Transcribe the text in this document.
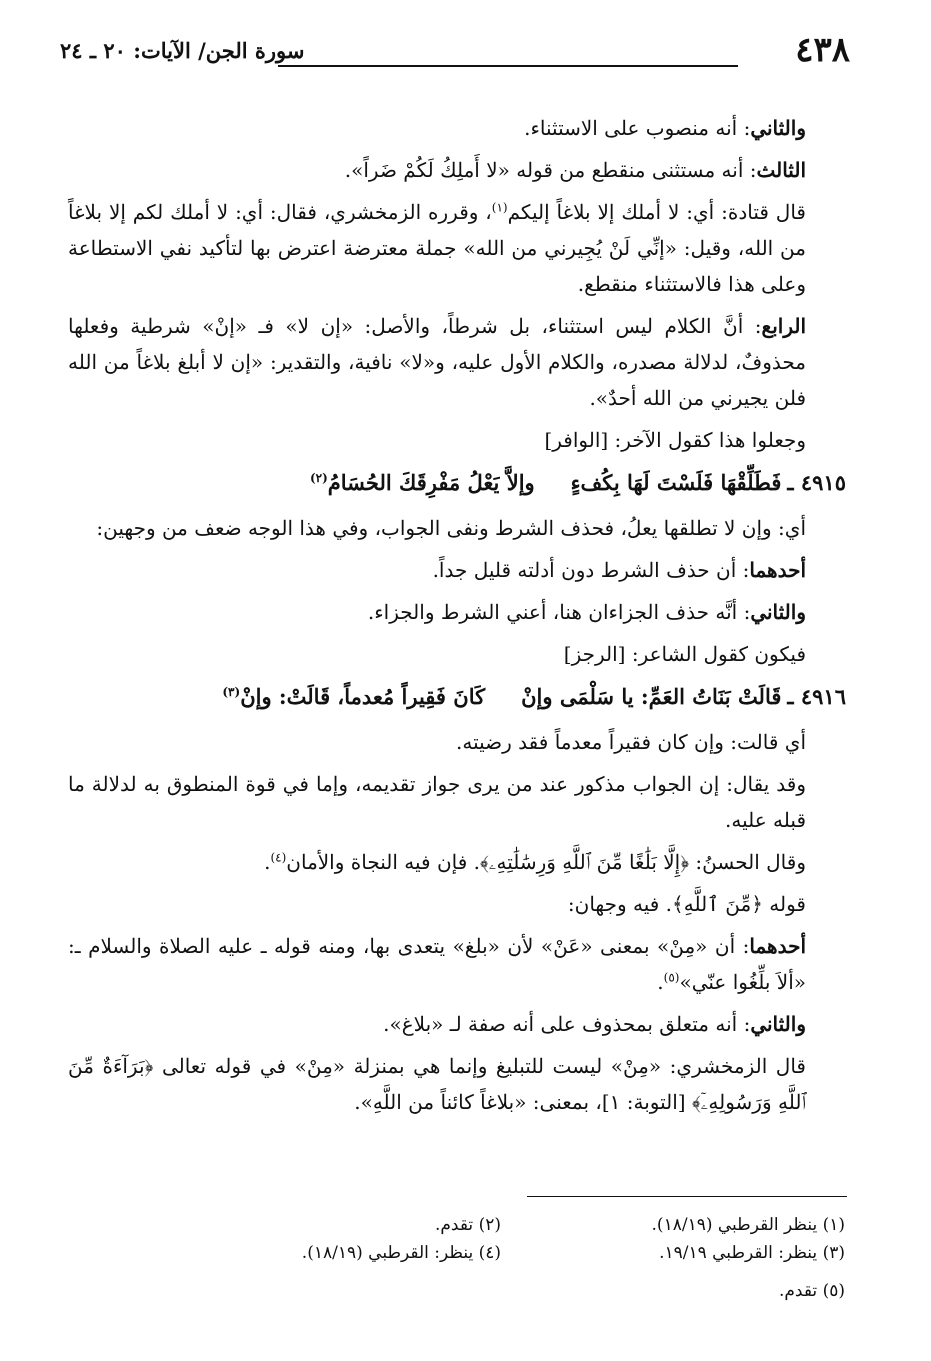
٤٣٨
سورة الجن/ الآيات: ٢٠ ـ ٢٤

والثاني: أنه منصوب على الاستثناء.

الثالث: أنه مستثنى منقطع من قوله «لا أَملِكُ لَكُمْ ضَراً».

قال قتادة: أي: لا أملك إلا بلاغاً إليكم$^{(١)}$، وقرره الزمخشري، فقال: أي: لا أملك لكم إلا بلاغاً من الله، وقيل: «إنِّي لَنْ يُجِيرني من الله» جملة معترضة اعترض بها لتأكيد نفي الاستطاعة وعلى هذا فالاستثناء منقطع.

الرابع: أنَّ الكلام ليس استثناء، بل شرطاً، والأصل: «إن لا» فـ «إنْ» شرطية وفعلها محذوفٌ، لدلالة مصدره، والكلام الأول عليه، و«لا» نافية، والتقدير: «إن لا أبلغ بلاغاً من الله فلن يجيرني من الله أحدٌ».

وجعلوا هذا كقول الآخر: [الوافر]

٤٩١٥ ـفَطَلِّقْهَا فَلَسْتَ لَهَا بِكُفءٍوإلاَّ يَعْلُ مَفْرِقَكَ الحُسَامُ$^{(٢)}$

أي: وإن لا تطلقها يعلُ، فحذف الشرط ونفى الجواب، وفي هذا الوجه ضعف من وجهين:

أحدهما: أن حذف الشرط دون أدلته قليل جداً.

والثاني: أنَّه حذف الجزاءان هنا، أعني الشرط والجزاء.

فيكون كقول الشاعر: [الرجز]

٤٩١٦ ـقَالَتْ بَنَاتُ العَمِّ: يا سَلْمَى وإنْكَانَ فَقِيراً مُعدماً، قَالَتْ: وإنْ$^{(٣)}$

أي قالت: وإن كان فقيراً معدماً فقد رضيته.

وقد يقال: إن الجواب مذكور عند من يرى جواز تقديمه، وإما في قوة المنطوق به لدلالة ما قبله عليه.

وقال الحسنُ: ﴿إِلَّا بَلَٰغًا مِّنَ ٱللَّهِ وَرِسَٰلَٰتِهِۦ﴾. فإن فيه النجاة والأمان$^{(٤)}$.

قوله ﴿مِّنَ ٱللَّهِ﴾. فيه وجهان:

أحدهما: أن «مِنْ» بمعنى «عَنْ» لأن «بلغ» يتعدى بها، ومنه قوله ـ عليه الصلاة والسلام ـ: «ألاَ بلِّغُوا عنّي»$^{(٥)}$.

والثاني: أنه متعلق بمحذوف على أنه صفة لـ «بلاغ».

قال الزمخشري: «مِنْ» ليست للتبليغ وإنما هي بمنزلة «مِنْ» في قوله تعالى ﴿بَرَآءَةٌ مِّنَ ٱللَّهِ وَرَسُولِهِۦٓ﴾ [التوبة: ١]، بمعنى: «بلاغاً كائناً من اللَّهِ».

(١) ينظر القرطبي (١٨/١٩).
(٢) تقدم.
(٣) ينظر: القرطبي ١٩/١٩.
(٤) ينظر: القرطبي (١٨/١٩).
(٥) تقدم.
